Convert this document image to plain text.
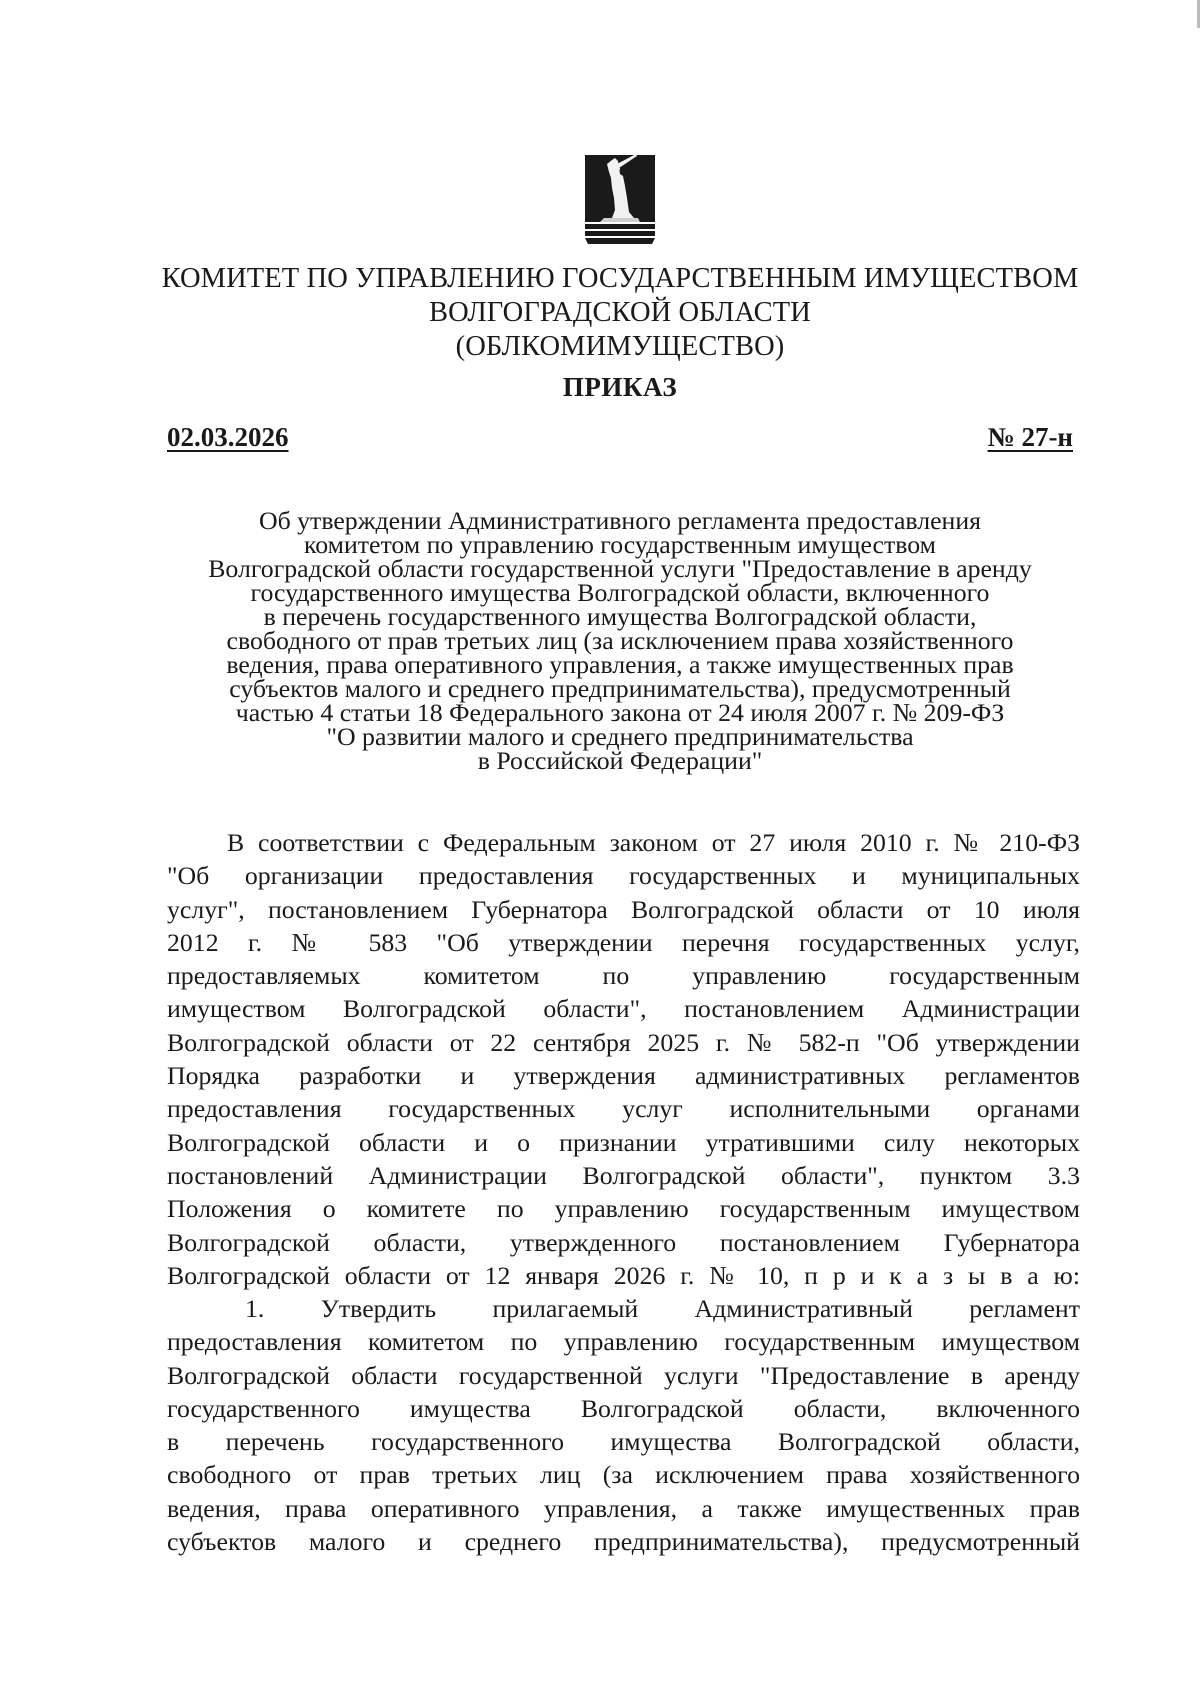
КОМИТЕТ ПО УПРАВЛЕНИЮ ГОСУДАРСТВЕННЫМ ИМУЩЕСТВОМ
ВОЛГОГРАДСКОЙ ОБЛАСТИ
(ОБЛКОМИМУЩЕСТВО)
ПРИКАЗ
02.03.2026	№ 27-н
Об утверждении Административного регламента предоставления
комитетом по управлению государственным имуществом
Волгоградской области государственной услуги "Предоставление в аренду
государственного имущества Волгоградской области, включенного
в перечень государственного имущества Волгоградской области,
свободного от прав третьих лиц (за исключением права хозяйственного
ведения, права оперативного управления, а также имущественных прав
субъектов малого и среднего предпринимательства), предусмотренный
частью 4 статьи 18 Федерального закона от 24 июля 2007 г. № 209-ФЗ
"О развитии малого и среднего предпринимательства
в Российской Федерации"
В соответствии с Федеральным законом от 27 июля 2010 г. № 210-ФЗ
"Об организации предоставления государственных и муниципальных
услуг", постановлением Губернатора Волгоградской области от 10 июля
2012 г. № 583 "Об утверждении перечня государственных услуг,
предоставляемых комитетом по управлению государственным
имуществом Волгоградской области", постановлением Администрации
Волгоградской области от 22 сентября 2025 г. № 582-п "Об утверждении
Порядка разработки и утверждения административных регламентов
предоставления государственных услуг исполнительными органами
Волгоградской области и о признании утратившими силу некоторых
постановлений Администрации Волгоградской области", пунктом 3.3
Положения о комитете по управлению государственным имуществом
Волгоградской области, утвержденного постановлением Губернатора
Волгоградской области от 12 января 2026 г. № 10, п р и к а з ы в а ю:
1. Утвердить прилагаемый Административный регламент
предоставления комитетом по управлению государственным имуществом
Волгоградской области государственной услуги "Предоставление в аренду
государственного имущества Волгоградской области, включенного
в перечень государственного имущества Волгоградской области,
свободного от прав третьих лиц (за исключением права хозяйственного
ведения, права оперативного управления, а также имущественных прав
субъектов малого и среднего предпринимательства), предусмотренный
